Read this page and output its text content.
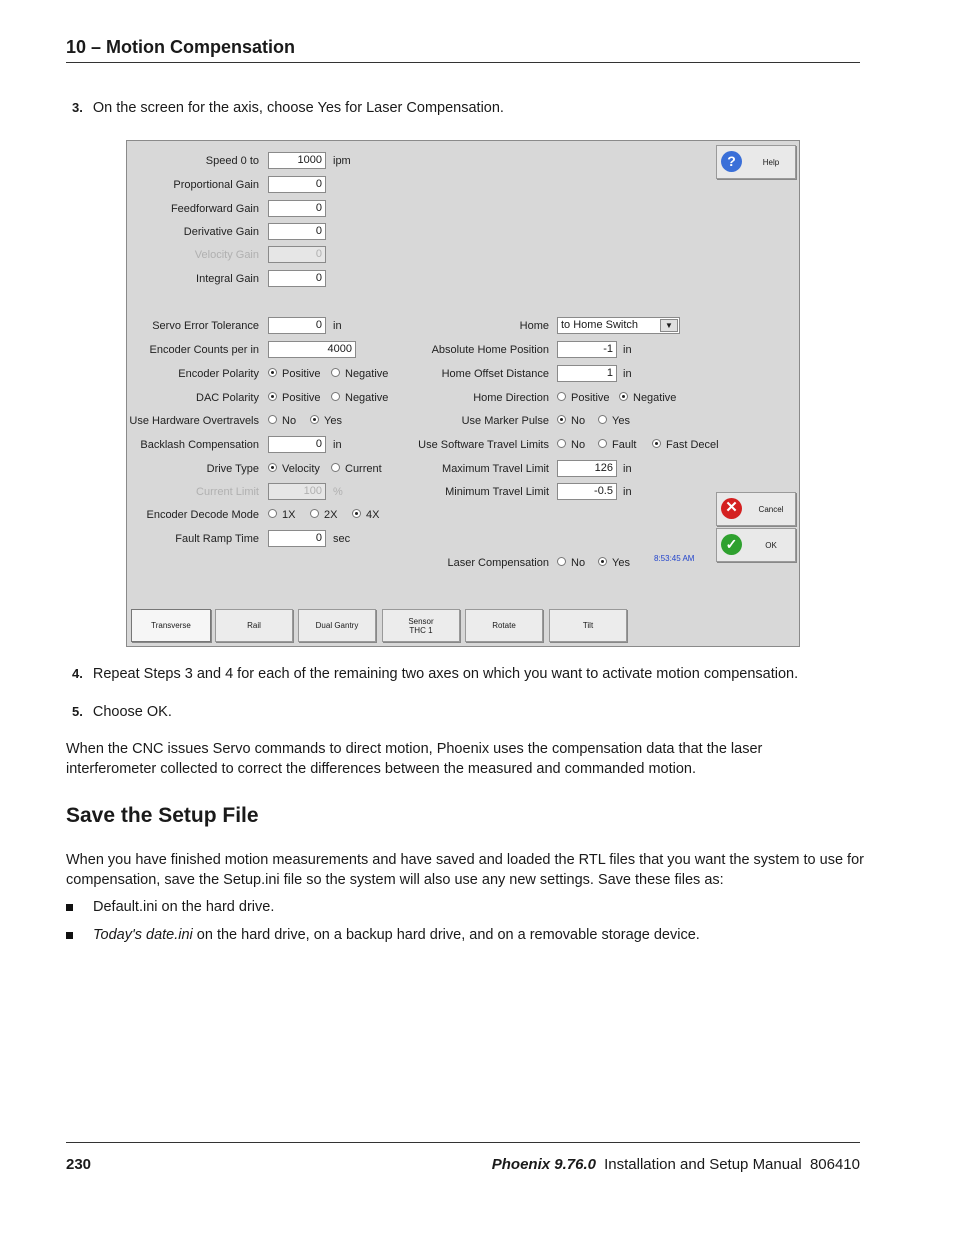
10 – Motion Compensation
3. On the screen for the axis, choose Yes for Laser Compensation.
Speed 0 to	1000	ipm
Proportional Gain	0
Feedforward Gain	0
Derivative Gain	0
Velocity Gain	0
Integral Gain	0
Servo Error Tolerance	0	in
Encoder Counts per in	4000
Encoder Polarity	Positive	Negative
DAC Polarity	Positive	Negative
Use Hardware Overtravels	No	Yes
Backlash Compensation	0	in
Drive Type	Velocity	Current
Current Limit	100	%
Encoder Decode Mode	1X	2X	4X
Fault Ramp Time	0	sec
Home	to Home Switch	▼
Absolute Home Position	-1 in
Home Offset Distance	1 in
Home Direction	Positive	Negative
Use Marker Pulse	No	Yes
Use Software Travel Limits	No	Fault	Fast Decel
Maximum Travel Limit	126 in
Minimum Travel Limit	-0.5 in
Laser Compensation	No	Yes	8:53:45 AM
?	Help
✕	Cancel
✓	OK
Transverse	Rail	Dual Gantry	Sensor
THC 1	Rotate	Tilt
4. Repeat Steps 3 and 4 for each of the remaining two axes on which you want to activate motion compensation.
5. Choose OK.
When the CNC issues Servo commands to direct motion, Phoenix uses the compensation data that the laser interferometer collected to correct the differences between the measured and commanded motion.
Save the Setup File
When you have finished motion measurements and have saved and loaded the RTL files that you want the system to use for compensation, save the Setup.ini file so the system will also use any new settings. Save these files as:
Default.ini on the hard drive.
Today's date.ini on the hard drive, on a backup hard drive, and on a removable storage device.
230	Phoenix 9.76.0 Installation and Setup Manual 806410
